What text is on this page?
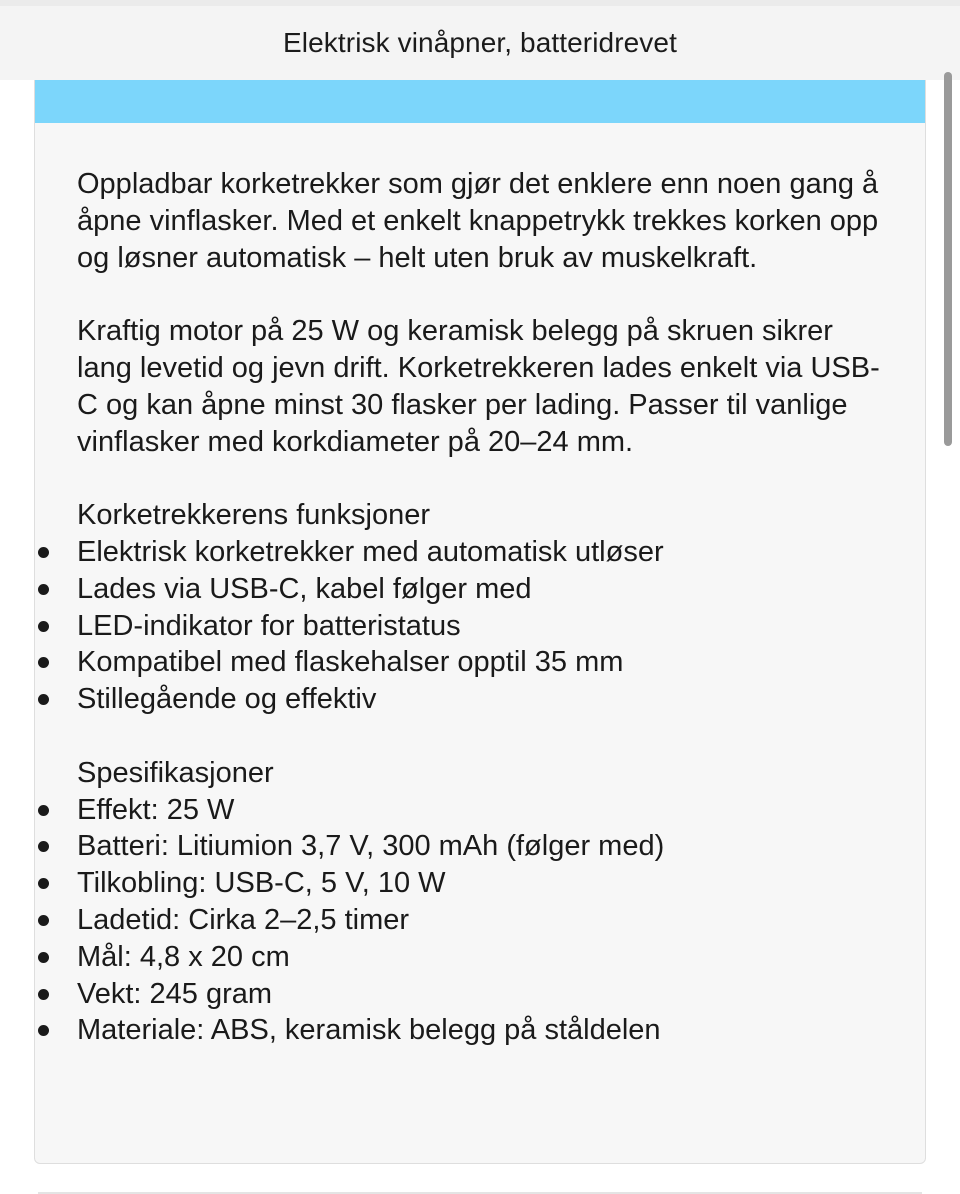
Elektrisk vinåpner, batteridrevet

Oppladbar korketrekker som gjør det enklere enn noen gang å åpne vinflasker. Med et enkelt knappetrykk trekkes korken opp og løsner automatisk – helt uten bruk av muskelkraft.

Kraftig motor på 25 W og keramisk belegg på skruen sikrer lang levetid og jevn drift. Korketrekkeren lades enkelt via USB-C og kan åpne minst 30 flasker per lading. Passer til vanlige vinflasker med korkdiameter på 20–24 mm.

Korketrekkerens funksjoner
Elektrisk korketrekker med automatisk utløser
Lades via USB-C, kabel følger med
LED-indikator for batteristatus
Kompatibel med flaskehalser opptil 35 mm
Stillegående og effektiv
Spesifikasjoner
Effekt: 25 W
Batteri: Litiumion 3,7 V, 300 mAh (følger med)
Tilkobling: USB-C, 5 V, 10 W
Ladetid: Cirka 2–2,5 timer
Mål: 4,8 x 20 cm
Vekt: 245 gram
Materiale: ABS, keramisk belegg på ståldelen
